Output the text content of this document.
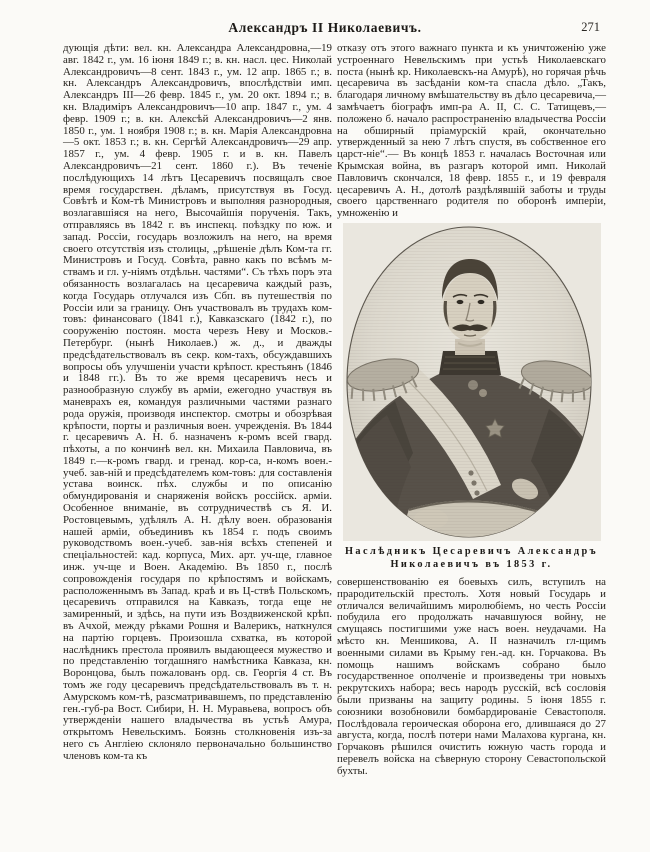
Александръ II Николаевичъ.	271

дующія дѣти: вел. кн. Александра Александровна,—19 авг. 1842 г., ум. 16 іюня 1849 г.; в. кн. насл. цес. Николай Александровичъ—8 сент. 1843 г., ум. 12 апр. 1865 г.; в. кн. Александръ Александровичъ, впослѣдствіи имп. Александръ III—26 февр. 1845 г., ум. 20 окт. 1894 г.; в. кн. Владиміръ Александровичъ—10 апр. 1847 г., ум. 4 февр. 1909 г.; в. кн. Алексѣй Александровичъ—2 янв. 1850 г., ум. 1 ноября 1908 г.; в. кн. Марія Александровна—5 окт. 1853 г.; в. кн. Сергѣй Александровичъ—29 апр. 1857 г., ум. 4 февр. 1905 г. и в. кн. Павелъ Александровичъ—21 сент. 1860 г.). Въ теченіе послѣдующихъ 14 лѣтъ Цесаревичъ посвящалъ свое время государствен. дѣламъ, присутствуя въ Госуд. Совѣтѣ и Ком-тѣ Министровъ и выполняя разнородныя, возлагавшіяся на него, Высочайшія порученія. Такъ, отправляясь въ 1842 г. въ инспекц. поѣздку по юж. и запад. Россіи, государь возложилъ на него, на время своего отсутствія изъ столицы, „рѣшеніе дѣлъ Ком-та гг. Министровъ и Госуд. Совѣта, равно какъ по всѣмъ м-ствамъ и гл. у-ніямъ отдѣльн. частями“. Съ тѣхъ поръ эта обязанность возлагалась на цесаревича каждый разъ, когда Государь отлучался изъ Сбп. въ путешествія по Россіи или за границу. Онъ участвовалъ въ трудахъ ком-товъ: финансоваго (1841 г.), Кавказскаго (1842 г.), по сооруженію постоян. моста черезъ Неву и Москов.-Петербург. (нынѣ Николаев.) ж. д., и дважды предсѣдательствовалъ въ секр. ком-тахъ, обсуждавшихъ вопросы объ улучшеніи участи крѣпост. крестьянъ (1846 и 1848 гг.). Въ то же время цесаревичъ несъ и разнообразную службу въ арміи, ежегодно участвуя въ маневрахъ ея, командуя различными частями разнаго рода оружія, производя инспектор. смотры и обозрѣвая крѣпости, порты и различныя воен. учрежденія. Въ 1844 г. цесаревичъ А. Н. б. назначенъ к-ромъ всей гвард. пѣхоты, а по кончинѣ вел. кн. Михаила Павловича, въ 1849 г.—к-ромъ гвард. и гренад. кор-са, н-комъ воен.-учеб. зав-ній и предсѣдателемъ ком-товъ: для составленія устава воинск. пѣх. службы и по описанію обмундированія и снаряженія войскъ россійск. арміи. Особенное вниманіе, въ сотрудничествѣ съ Я. И. Ростовцевымъ, удѣлялъ А. Н. дѣлу воен. образованія нашей арміи, объединивъ къ 1854 г. подъ своимъ руководствомъ воен.-учеб. зав-нія всѣхъ степеней и спеціальностей: кад. корпуса, Мих. арт. уч-ще, главное инж. уч-ще и Воен. Академію. Въ 1850 г., послѣ сопровожденія государя по крѣпостямъ и войскамъ, расположеннымъ въ Запад. краѣ и въ Ц-ствѣ Польскомъ, цесаревичъ отправился на Кавказъ, тогда еще не замиренный, и здѣсь, на пути изъ Воздвиженской крѣп. въ Ачхой, между рѣками Рошня и Валерикъ, наткнулся на партію горцевъ. Произошла схватка, въ которой наслѣдникъ престола проявилъ выдающееся мужество и по представленію тогдашняго намѣстника Кавказа, кн. Воронцова, былъ пожалованъ орд. св. Георгія 4 ст. Въ томъ же году цесаревичъ предсѣдательствовалъ въ т. н. Амурскомъ ком-тѣ, разсматривавшемъ, по представленію ген.-губ-ра Вост. Сибири, Н. Н. Муравьева, вопросъ объ утвержденіи нашего владычества въ устьѣ Амура, открытомъ Невельскимъ. Боязнь столкновенія изъ-за него съ Англіею склоняло первоначально большинство членовъ ком-та къ

отказу отъ этого важнаго пункта и къ уничтоженію уже устроеннаго Невельскимъ при устьѣ Николаевскаго поста (нынѣ кр. Николаевскъ-на Амурѣ), но горячая рѣчь цесаревича въ засѣданіи ком-та спасла дѣло. „Такъ, благодаря личному вмѣшательству въ дѣло цесаревича,—замѣчаетъ біографъ имп-ра А. II, С. С. Татищевъ,—положено б. начало распространенію владычества Россіи на обширный пріамурскій край, окончательно утвержденный за нею 7 лѣтъ спустя, въ собственное его царст-ніе“.— Въ концѣ 1853 г. началась Восточная или Крымская война, въ разгаръ которой имп. Николай Павловичъ скончался, 18 февр. 1855 г., и 19 февраля цесаревичъ А. Н., дотолѣ раздѣлявшій заботы и труды своего царственнаго родителя по оборонѣ имперіи, умноженію и

Наслѣдникъ Цесаревичъ Александръ Николаевичъ въ 1853 г.

совершенствованію ея боевыхъ силъ, вступилъ на прародительскій престолъ. Хотя новый Государь и отличался величайшимъ миролюбіемъ, но честь Россіи побудила его продолжать начавшуюся войну, не смущаясь постигшими уже насъ воен. неудачами. На мѣсто кн. Меншикова, А. II назначилъ гл-щимъ военными силами въ Крыму ген.-ад. кн. Горчакова. Въ помощь нашимъ войскамъ собрано было государственное ополченіе и произведены три новыхъ рекрутскихъ набора; весь народъ русскій, всѣ сословія были призваны на защиту родины. 5 іюня 1855 г. союзники возобновили бомбардированіе Севастополя. Послѣдовала героическая оборона его, длившаяся до 27 августа, когда, послѣ потери нами Малахова кургана, кн. Горчаковъ рѣшился очистить южную часть города и перевелъ войска на сѣверную сторону Севастопольской бухты.
